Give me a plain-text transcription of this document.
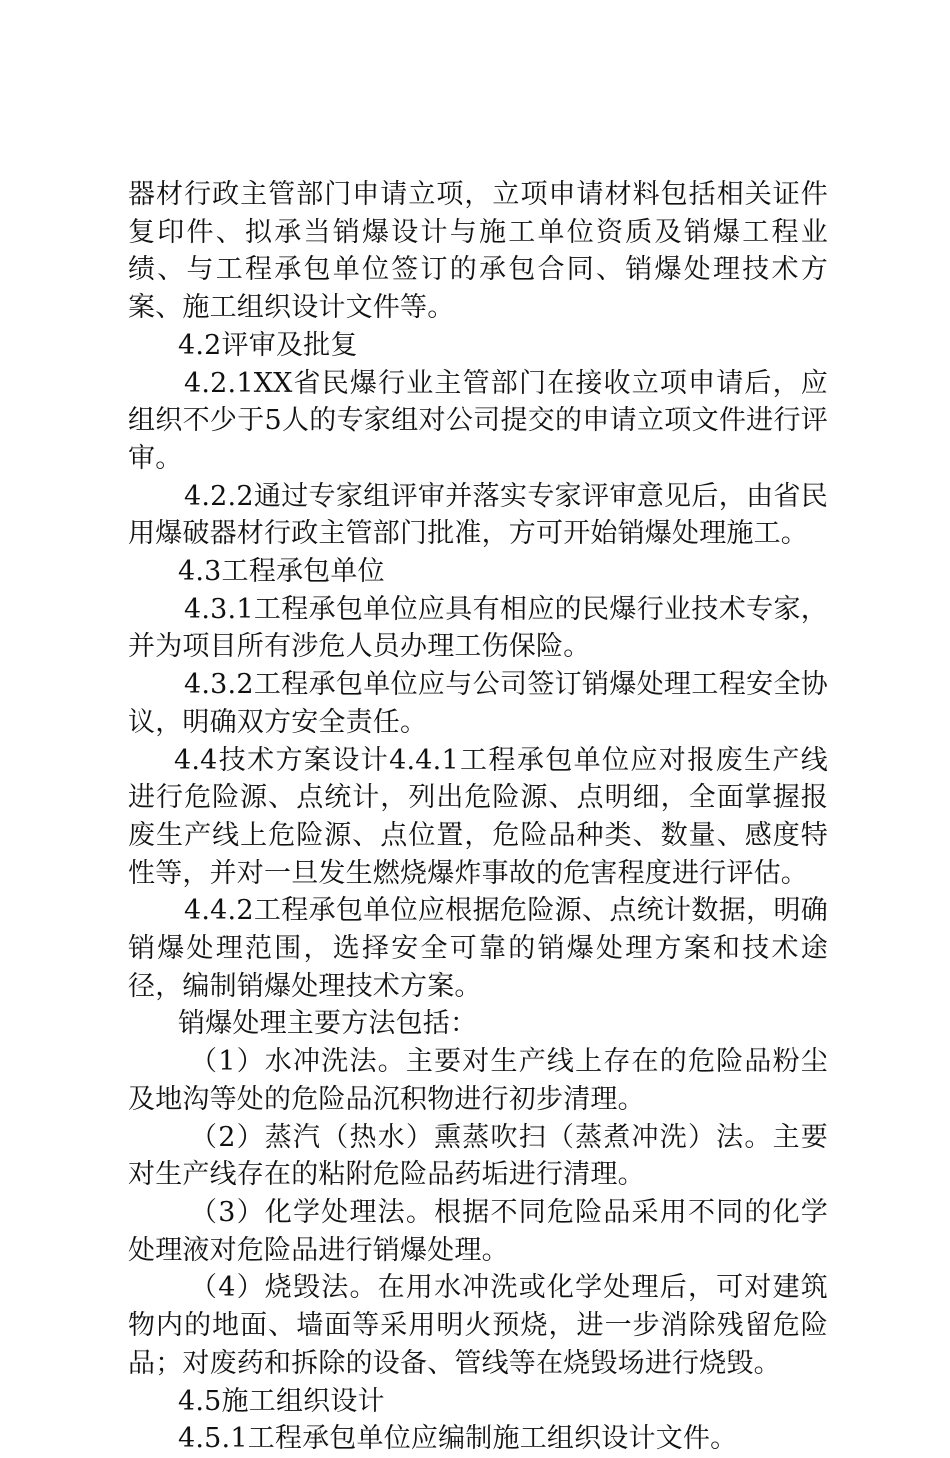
器材行政主管部门申请立项，立项申请材料包括相关证件复印件、拟承当销爆设计与施工单位资质及销爆工程业绩、与工程承包单位签订的承包合同、销爆处理技术方案、施工组织设计文件等。

4.2评审及批复

4.2.1XX省民爆行业主管部门在接收立项申请后，应组织不少于5人的专家组对公司提交的申请立项文件进行评审。

4.2.2通过专家组评审并落实专家评审意见后，由省民用爆破器材行政主管部门批准，方可开始销爆处理施工。

4.3工程承包单位

4.3.1工程承包单位应具有相应的民爆行业技术专家，并为项目所有涉危人员办理工伤保险。

4.3.2工程承包单位应与公司签订销爆处理工程安全协议，明确双方安全责任。

4.4技术方案设计4.4.1工程承包单位应对报废生产线进行危险源、点统计，列出危险源、点明细，全面掌握报废生产线上危险源、点位置，危险品种类、数量、感度特性等，并对一旦发生燃烧爆炸事故的危害程度进行评估。

4.4.2工程承包单位应根据危险源、点统计数据，明确销爆处理范围，选择安全可靠的销爆处理方案和技术途径，编制销爆处理技术方案。

销爆处理主要方法包括：

（1）水冲洗法。主要对生产线上存在的危险品粉尘及地沟等处的危险品沉积物进行初步清理。

（2）蒸汽（热水）熏蒸吹扫（蒸煮冲洗）法。主要对生产线存在的粘附危险品药垢进行清理。

（3）化学处理法。根据不同危险品采用不同的化学处理液对危险品进行销爆处理。

（4）烧毁法。在用水冲洗或化学处理后，可对建筑物内的地面、墙面等采用明火预烧，进一步消除残留危险品；对废药和拆除的设备、管线等在烧毁场进行烧毁。

4.5施工组织设计

4.5.1工程承包单位应编制施工组织设计文件。
